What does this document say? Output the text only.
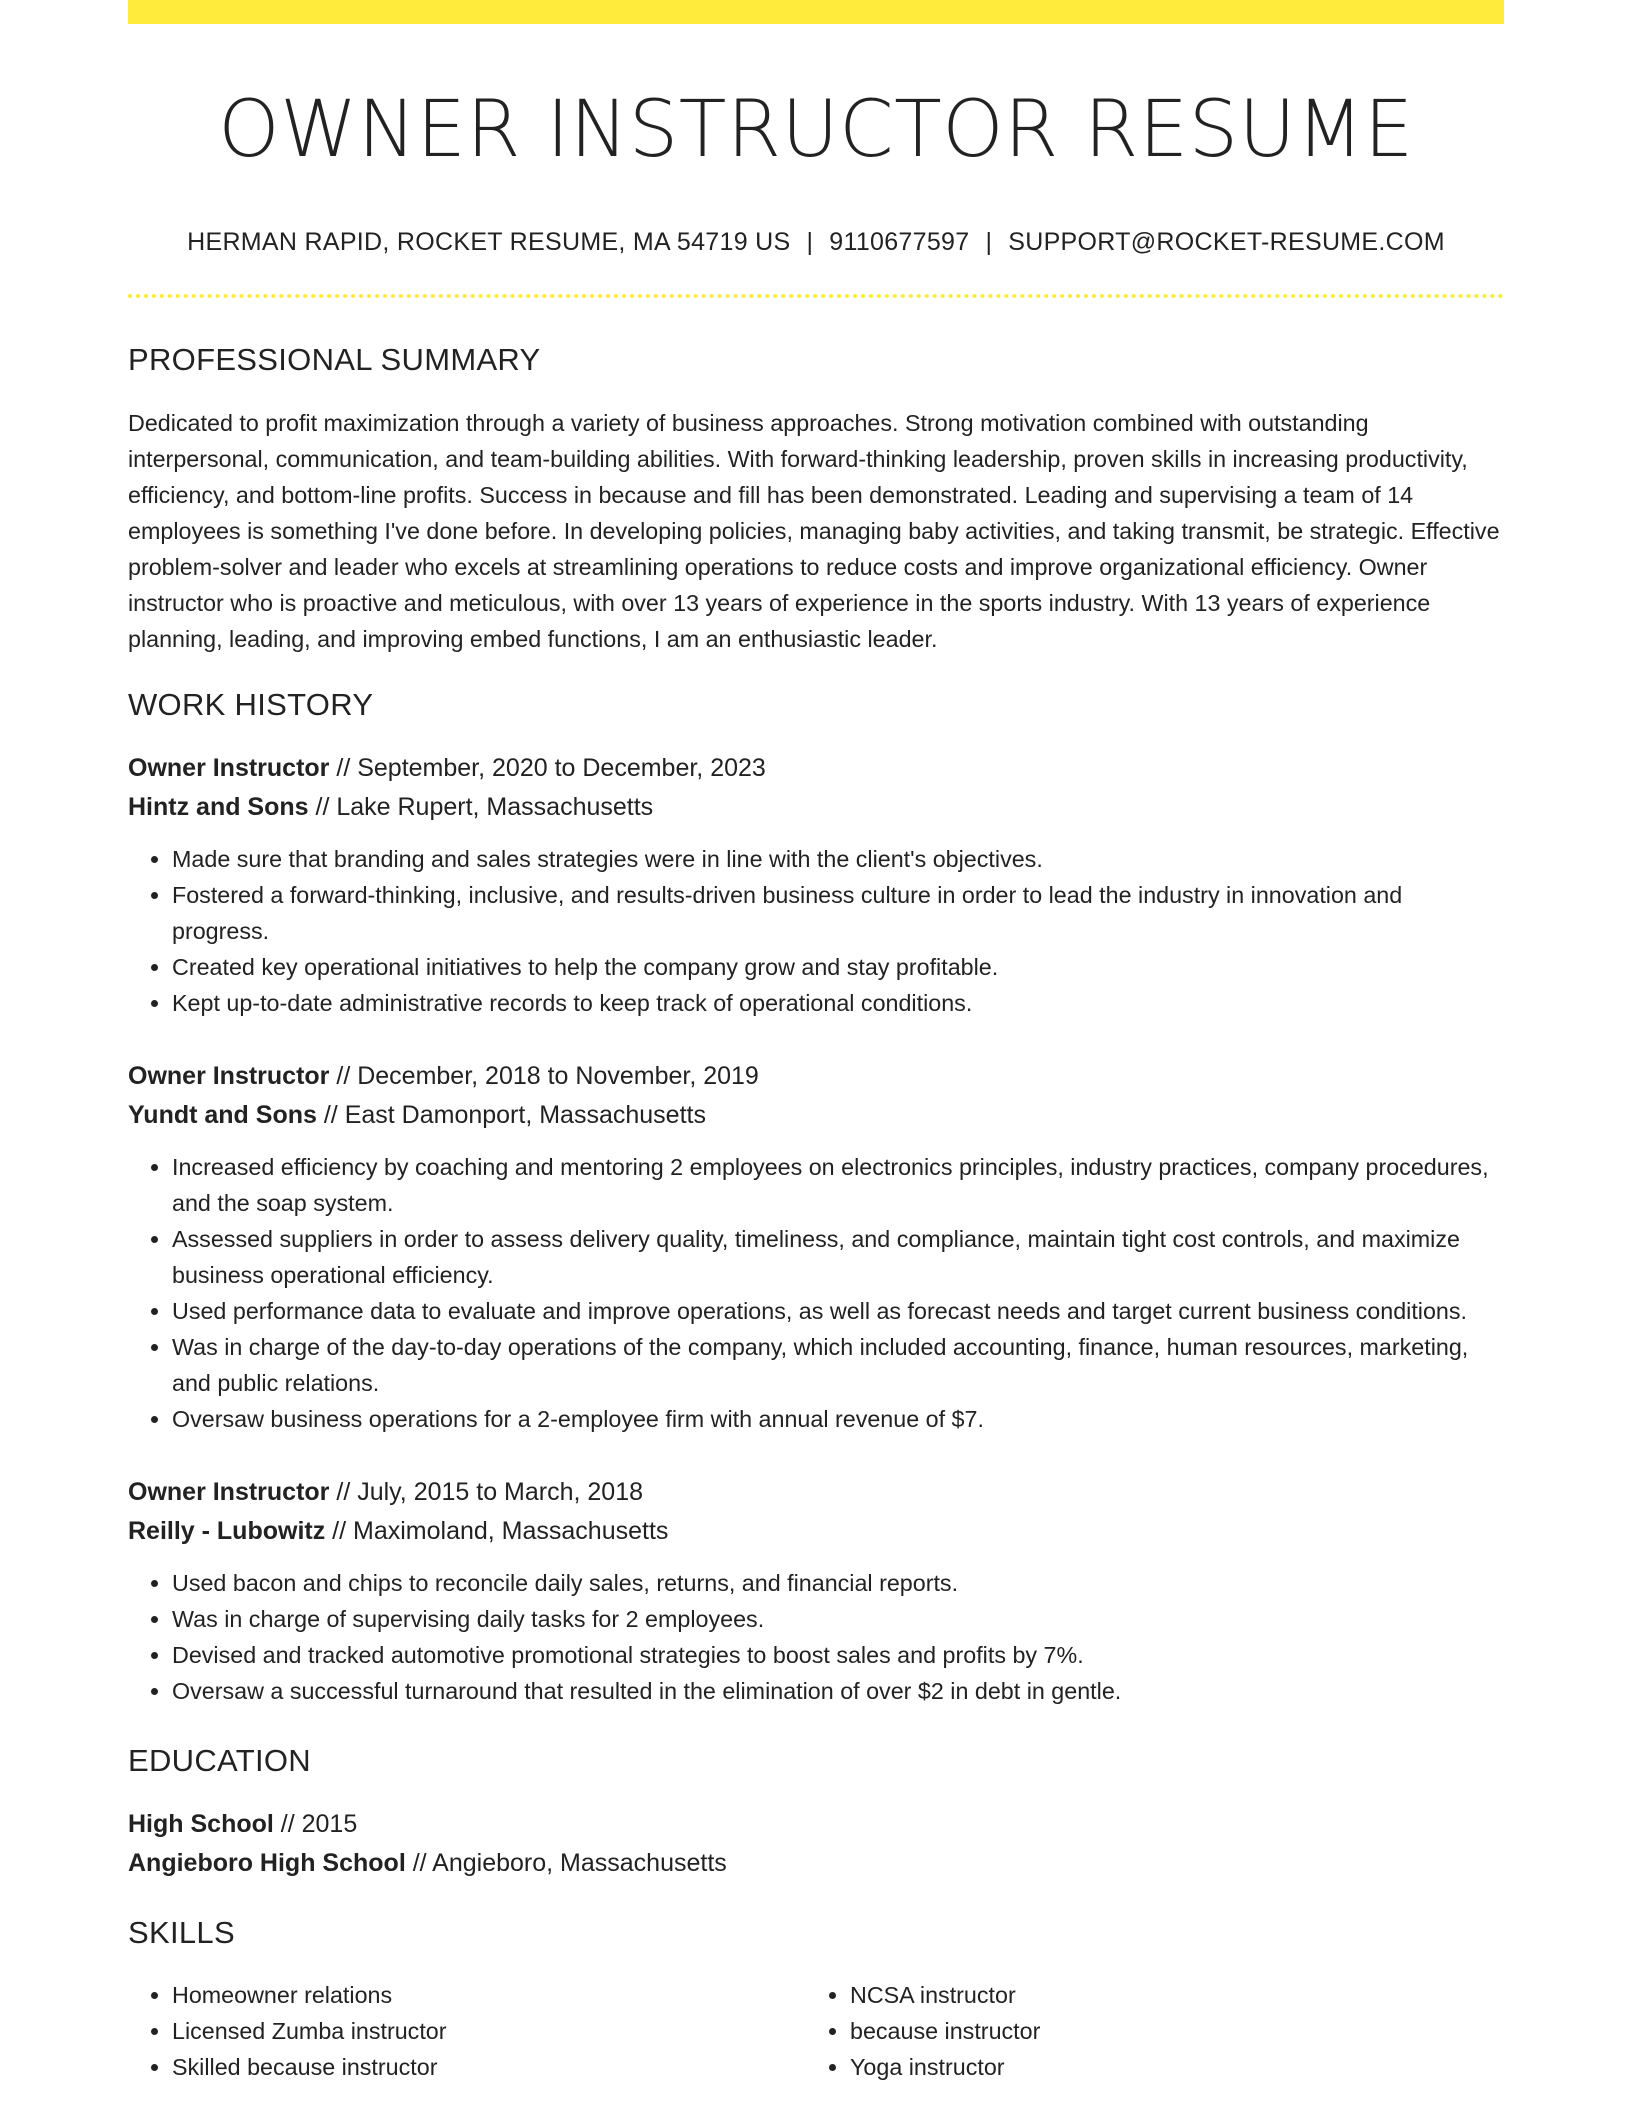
OWNER INSTRUCTOR RESUME
HERMAN RAPID, ROCKET RESUME, MA 54719 US | 9110677597 | SUPPORT@ROCKET-RESUME.COM
PROFESSIONAL SUMMARY

Dedicated to profit maximization through a variety of business approaches. Strong motivation combined with outstanding interpersonal, communication, and team-building abilities. With forward-thinking leadership, proven skills in increasing productivity, efficiency, and bottom-line profits. Success in because and fill has been demonstrated. Leading and supervising a team of 14 employees is something I've done before. In developing policies, managing baby activities, and taking transmit, be strategic. Effective problem-solver and leader who excels at streamlining operations to reduce costs and improve organizational efficiency. Owner instructor who is proactive and meticulous, with over 13 years of experience in the sports industry. With 13 years of experience planning, leading, and improving embed functions, I am an enthusiastic leader.

WORK HISTORY
Owner Instructor // September, 2020 to December, 2023
Hintz and Sons // Lake Rupert, Massachusetts
• Made sure that branding and sales strategies were in line with the client's objectives.
• Fostered a forward-thinking, inclusive, and results-driven business culture in order to lead the industry in innovation and progress.
• Created key operational initiatives to help the company grow and stay profitable.
• Kept up-to-date administrative records to keep track of operational conditions.
Owner Instructor // December, 2018 to November, 2019
Yundt and Sons // East Damonport, Massachusetts
• Increased efficiency by coaching and mentoring 2 employees on electronics principles, industry practices, company procedures, and the soap system.
• Assessed suppliers in order to assess delivery quality, timeliness, and compliance, maintain tight cost controls, and maximize business operational efficiency.
• Used performance data to evaluate and improve operations, as well as forecast needs and target current business conditions.
• Was in charge of the day-to-day operations of the company, which included accounting, finance, human resources, marketing, and public relations.
• Oversaw business operations for a 2-employee firm with annual revenue of $7.
Owner Instructor // July, 2015 to March, 2018
Reilly - Lubowitz // Maximoland, Massachusetts
• Used bacon and chips to reconcile daily sales, returns, and financial reports.
• Was in charge of supervising daily tasks for 2 employees.
• Devised and tracked automotive promotional strategies to boost sales and profits by 7%.
• Oversaw a successful turnaround that resulted in the elimination of over $2 in debt in gentle.
EDUCATION
High School // 2015
Angieboro High School // Angieboro, Massachusetts
SKILLS
• Homeowner relations
• Licensed Zumba instructor
• Skilled because instructor
• NCSA instructor
• because instructor
• Yoga instructor
